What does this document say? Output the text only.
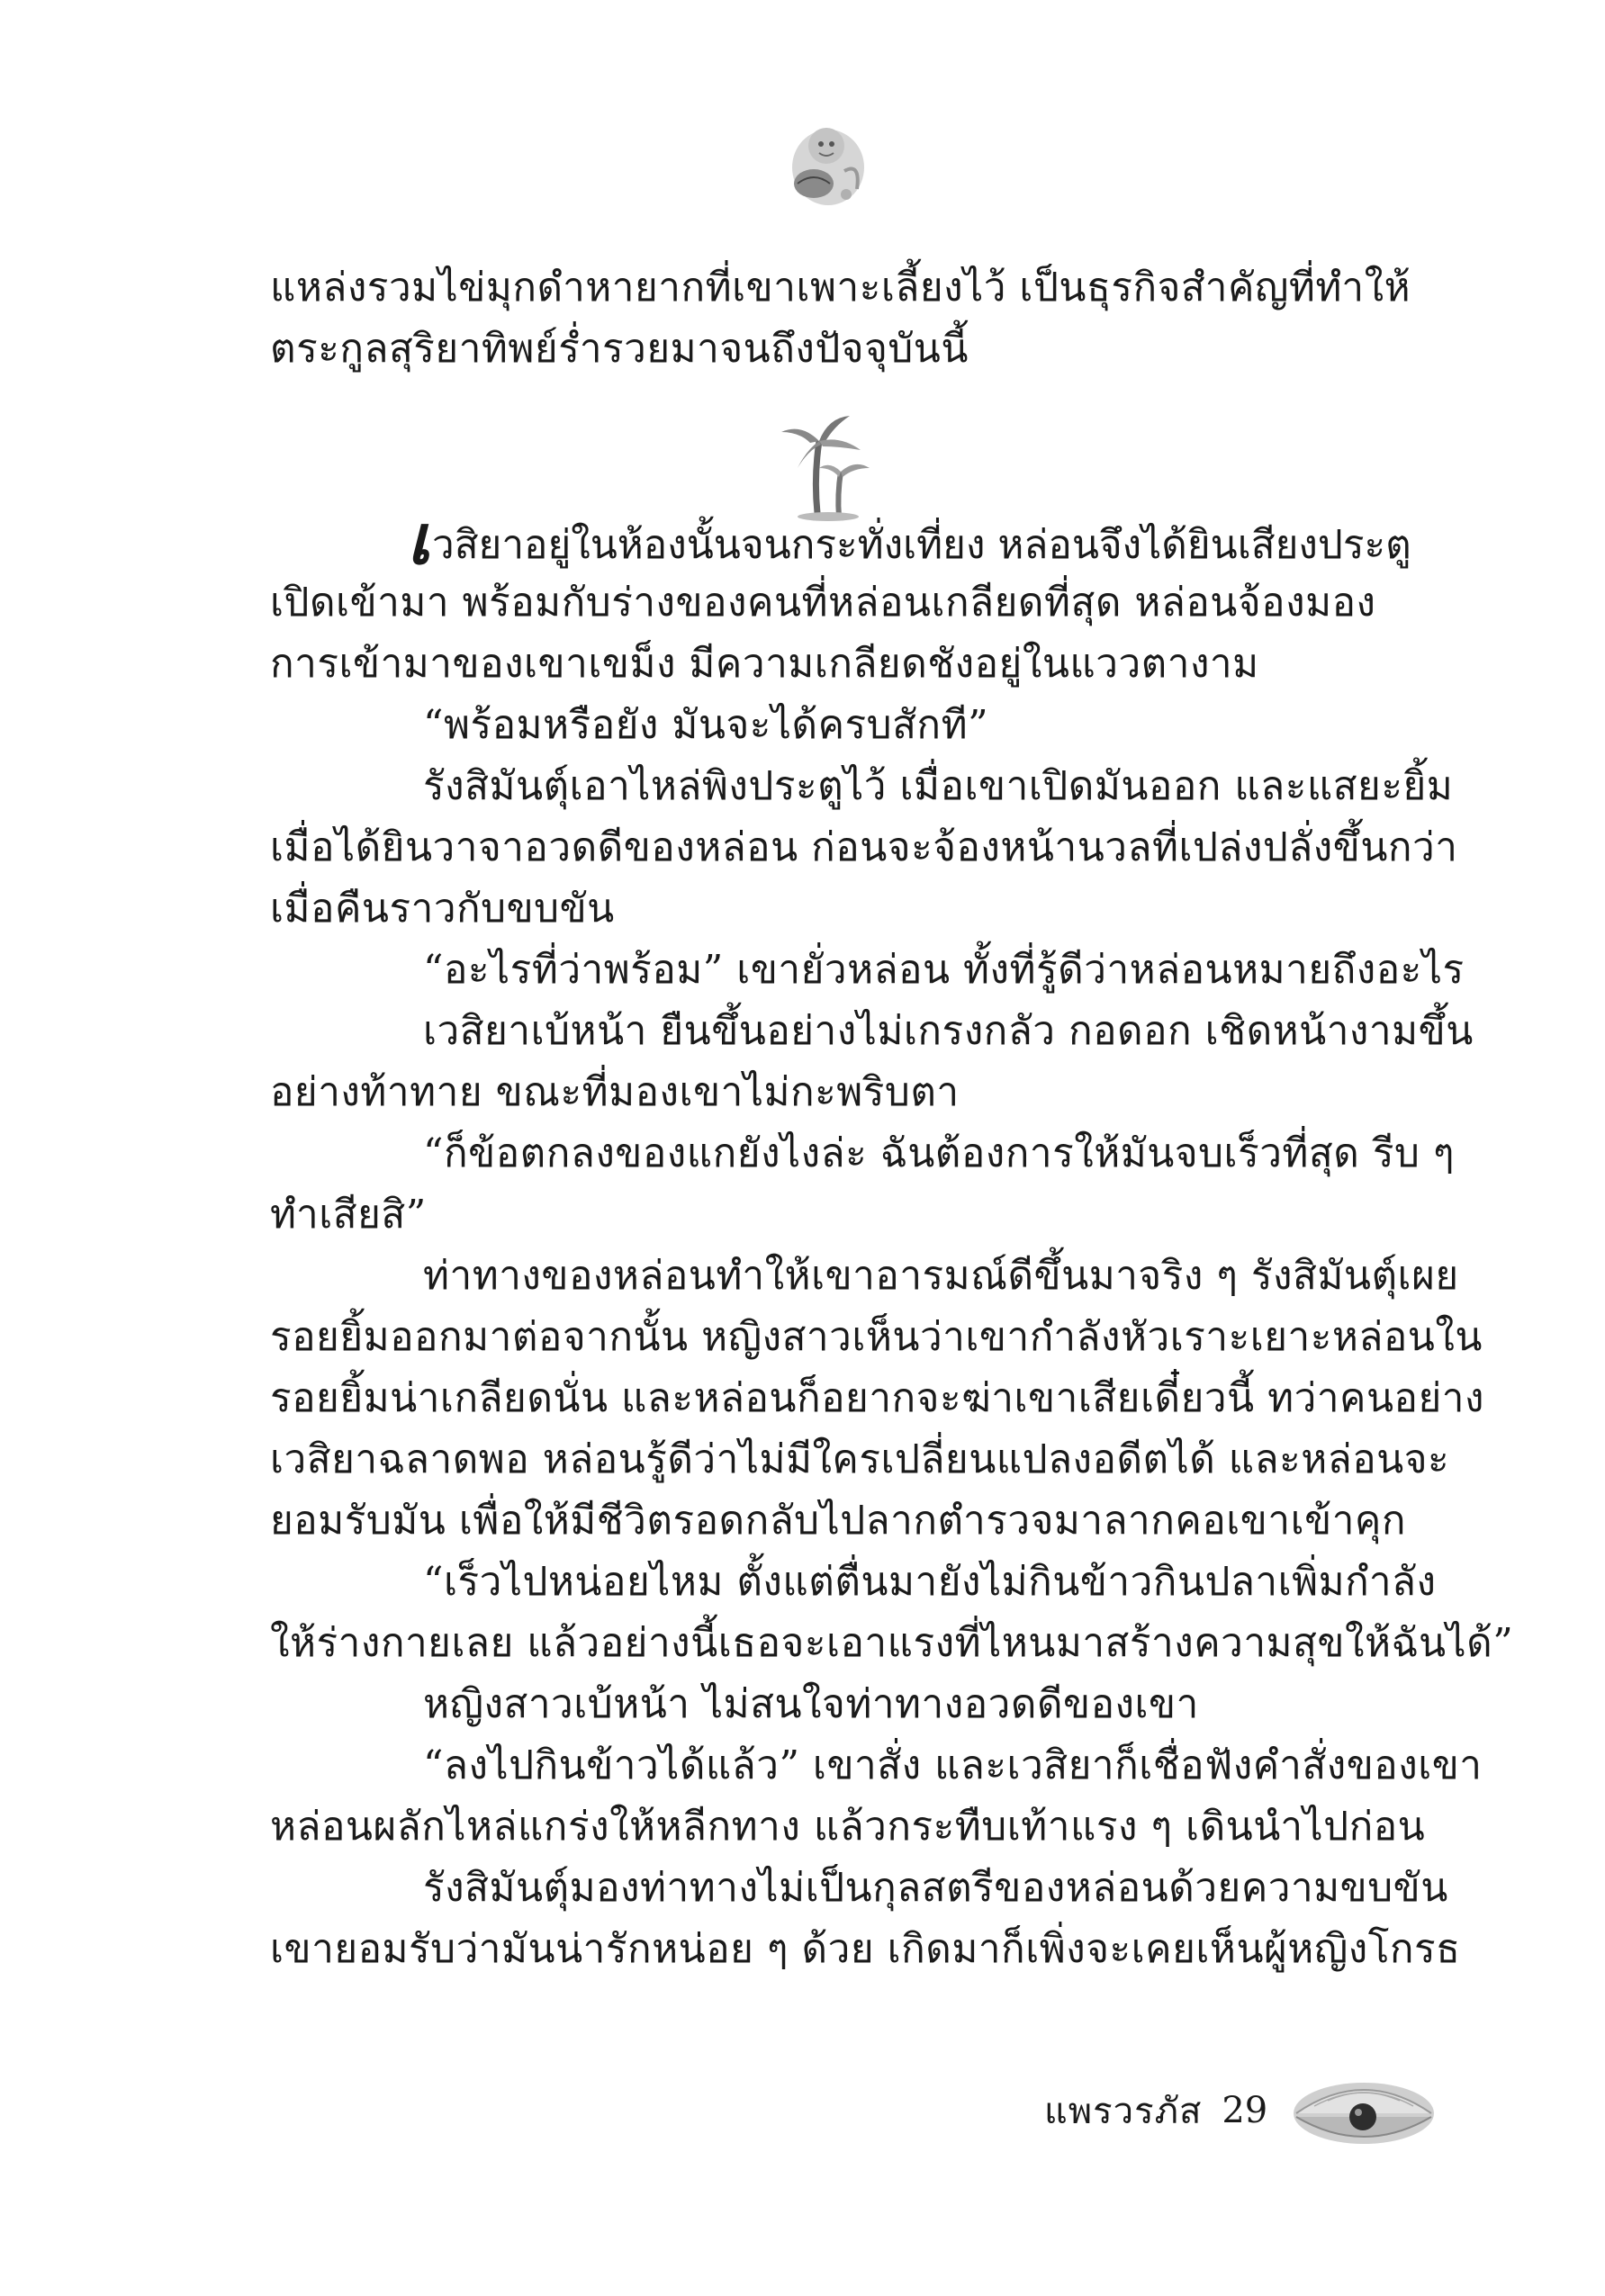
แหล่งรวมไข่มุกดำหายากที่เขาเพาะเลี้ยงไว้ เป็นธุรกิจสำคัญที่ทำให้
ตระกูลสุริยาทิพย์ร่ำรวยมาจนถึงปัจจุบันนี้
เวสิยาอยู่ในห้องนั้นจนกระทั่งเที่ยง หล่อนจึงได้ยินเสียงประตู
เปิดเข้ามา พร้อมกับร่างของคนที่หล่อนเกลียดที่สุด หล่อนจ้องมอง
การเข้ามาของเขาเขม็ง มีความเกลียดชังอยู่ในแววตางาม
“พร้อมหรือยัง มันจะได้ครบสักที”
รังสิมันตุ์เอาไหล่พิงประตูไว้ เมื่อเขาเปิดมันออก และแสยะยิ้ม
เมื่อได้ยินวาจาอวดดีของหล่อน ก่อนจะจ้องหน้านวลที่เปล่งปลั่งขึ้นกว่า
เมื่อคืนราวกับขบขัน
“อะไรที่ว่าพร้อม” เขายั่วหล่อน ทั้งที่รู้ดีว่าหล่อนหมายถึงอะไร
เวสิยาเบ้หน้า ยืนขึ้นอย่างไม่เกรงกลัว กอดอก เชิดหน้างามขึ้น
อย่างท้าทาย ขณะที่มองเขาไม่กะพริบตา
“ก็ข้อตกลงของแกยังไงล่ะ ฉันต้องการให้มันจบเร็วที่สุด รีบ ๆ
ทำเสียสิ”
ท่าทางของหล่อนทำให้เขาอารมณ์ดีขึ้นมาจริง ๆ รังสิมันตุ์เผย
รอยยิ้มออกมาต่อจากนั้น หญิงสาวเห็นว่าเขากำลังหัวเราะเยาะหล่อนใน
รอยยิ้มน่าเกลียดนั่น และหล่อนก็อยากจะฆ่าเขาเสียเดี๋ยวนี้ ทว่าคนอย่าง
เวสิยาฉลาดพอ หล่อนรู้ดีว่าไม่มีใครเปลี่ยนแปลงอดีตได้ และหล่อนจะ
ยอมรับมัน เพื่อให้มีชีวิตรอดกลับไปลากตำรวจมาลากคอเขาเข้าคุก
“เร็วไปหน่อยไหม ตั้งแต่ตื่นมายังไม่กินข้าวกินปลาเพิ่มกำลัง
ให้ร่างกายเลย แล้วอย่างนี้เธอจะเอาแรงที่ไหนมาสร้างความสุขให้ฉันได้”
หญิงสาวเบ้หน้า ไม่สนใจท่าทางอวดดีของเขา
“ลงไปกินข้าวได้แล้ว” เขาสั่ง และเวสิยาก็เชื่อฟังคำสั่งของเขา
หล่อนผลักไหล่แกร่งให้หลีกทาง แล้วกระทืบเท้าแรง ๆ เดินนำไปก่อน
รังสิมันตุ์มองท่าทางไม่เป็นกุลสตรีของหล่อนด้วยความขบขัน
เขายอมรับว่ามันน่ารักหน่อย ๆ ด้วย เกิดมาก็เพิ่งจะเคยเห็นผู้หญิงโกรธ
แพรวรภัส 29
